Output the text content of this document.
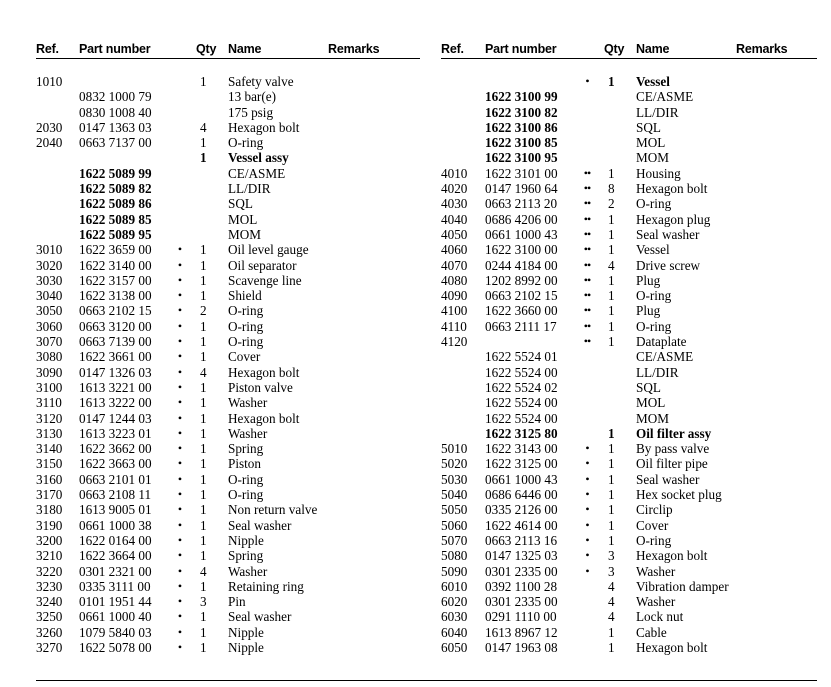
Ref.	Part number		Qty	Name	Remarks

1010			1	Safety valve	
	0832 1000 79			13 bar(e)	
	0830 1008 40			175 psig	
2030	0147 1363 03		4	Hexagon bolt	
2040	0663 7137 00		1	O-ring	
			1	Vessel assy	
	1622 5089 99			CE/ASME	
	1622 5089 82			LL/DIR	
	1622 5089 86			SQL	
	1622 5089 85			MOL	
	1622 5089 95			MOM	
3010	1622 3659 00	•	1	Oil level gauge	
3020	1622 3140 00	•	1	Oil separator	
3030	1622 3157 00	•	1	Scavenge line	
3040	1622 3138 00	•	1	Shield	
3050	0663 2102 15	•	2	O-ring	
3060	0663 3120 00	•	1	O-ring	
3070	0663 7139 00	•	1	O-ring	
3080	1622 3661 00	•	1	Cover	
3090	0147 1326 03	•	4	Hexagon bolt	
3100	1613 3221 00	•	1	Piston valve	
3110	1613 3222 00	•	1	Washer	
3120	0147 1244 03	•	1	Hexagon bolt	
3130	1613 3223 01	•	1	Washer	
3140	1622 3662 00	•	1	Spring	
3150	1622 3663 00	•	1	Piston	
3160	0663 2101 01	•	1	O-ring	
3170	0663 2108 11	•	1	O-ring	
3180	1613 9005 01	•	1	Non return valve	
3190	0661 1000 38	•	1	Seal washer	
3200	1622 0164 00	•	1	Nipple	
3210	1622 3664 00	•	1	Spring	
3220	0301 2321 00	•	4	Washer	
3230	0335 3111 00	•	1	Retaining ring	
3240	0101 1951 44	•	3	Pin	
3250	0661 1000 40	•	1	Seal washer	
3260	1079 5840 03	•	1	Nipple	
3270	1622 5078 00	•	1	Nipple	
Ref.	Part number		Qty	Name	Remarks

		•	1	Vessel	
	1622 3100 99			CE/ASME	
	1622 3100 82			LL/DIR	
	1622 3100 86			SQL	
	1622 3100 85			MOL	
	1622 3100 95			MOM	
4010	1622 3101 00	••	1	Housing	
4020	0147 1960 64	••	8	Hexagon bolt	
4030	0663 2113 20	••	2	O-ring	
4040	0686 4206 00	••	1	Hexagon plug	
4050	0661 1000 43	••	1	Seal washer	
4060	1622 3100 00	••	1	Vessel	
4070	0244 4184 00	••	4	Drive screw	
4080	1202 8992 00	••	1	Plug	
4090	0663 2102 15	••	1	O-ring	
4100	1622 3660 00	••	1	Plug	
4110	0663 2111 17	••	1	O-ring	
4120		••	1	Dataplate	
	1622 5524 01			CE/ASME	
	1622 5524 00			LL/DIR	
	1622 5524 02			SQL	
	1622 5524 00			MOL	
	1622 5524 00			MOM	
	1622 3125 80		1	Oil filter assy	
5010	1622 3143 00	•	1	By pass valve	
5020	1622 3125 00	•	1	Oil filter pipe	
5030	0661 1000 43	•	1	Seal washer	
5040	0686 6446 00	•	1	Hex socket plug	
5050	0335 2126 00	•	1	Circlip	
5060	1622 4614 00	•	1	Cover	
5070	0663 2113 16	•	1	O-ring	
5080	0147 1325 03	•	3	Hexagon bolt	
5090	0301 2335 00	•	3	Washer	
6010	0392 1100 28		4	Vibration damper	
6020	0301 2335 00		4	Washer	
6030	0291 1110 00		4	Lock nut	
6040	1613 8967 12		1	Cable	
6050	0147 1963 08		1	Hexagon bolt	
